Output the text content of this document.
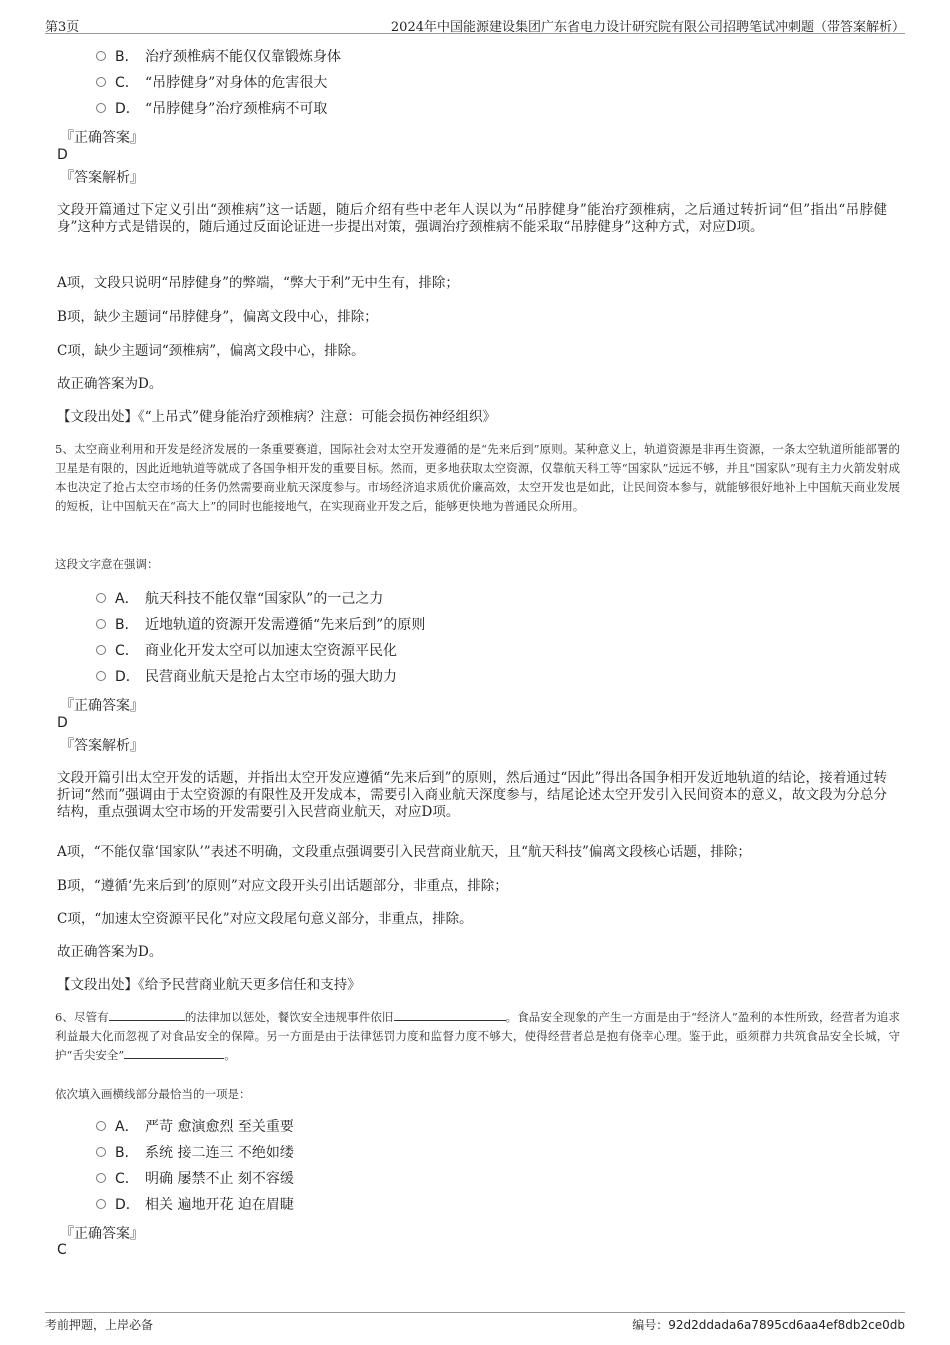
第3页	2024年中国能源建设集团广东省电力设计研究院有限公司招聘笔试冲刺题（带答案解析）
B． 治疗颈椎病不能仅仅靠锻炼身体
C． “吊脖健身”对身体的危害很大
D． “吊脖健身”治疗颈椎病不可取
『正确答案』
D
『答案解析』
文段开篇通过下定义引出“颈椎病”这一话题，随后介绍有些中老年人误以为“吊脖健身”能治疗颈椎病，之后通过转折词“但”指出“吊脖健身”这种方式是错误的，随后通过反面论证进一步提出对策，强调治疗颈椎病不能采取“吊脖健身”这种方式，对应D项。
A项，文段只说明“吊脖健身”的弊端，“弊大于利”无中生有，排除；
B项，缺少主题词“吊脖健身”，偏离文段中心，排除；
C项，缺少主题词“颈椎病”，偏离文段中心，排除。
故正确答案为D。
【文段出处】《“上吊式”健身能治疗颈椎病？注意：可能会损伤神经组织》
5、太空商业利用和开发是经济发展的一条重要赛道，国际社会对太空开发遵循的是“先来后到”原则。某种意义上，轨道资源是非再生资源，一条太空轨道所能部署的卫星是有限的，因此近地轨道等就成了各国争相开发的重要目标。然而，更多地获取太空资源，仅靠航天科工等“国家队”远远不够，并且“国家队”现有主力火箭发射成本也决定了抢占太空市场的任务仍然需要商业航天深度参与。市场经济追求质优价廉高效，太空开发也是如此，让民间资本参与，就能够很好地补上中国航天商业发展的短板，让中国航天在“高大上”的同时也能接地气，在实现商业开发之后，能够更快地为普通民众所用。
这段文字意在强调：
A． 航天科技不能仅靠“国家队”的一己之力
B． 近地轨道的资源开发需遵循“先来后到”的原则
C． 商业化开发太空可以加速太空资源平民化
D． 民营商业航天是抢占太空市场的强大助力
『正确答案』
D
『答案解析』
文段开篇引出太空开发的话题，并指出太空开发应遵循“先来后到”的原则，然后通过“因此”得出各国争相开发近地轨道的结论，接着通过转折词“然而”强调由于太空资源的有限性及开发成本，需要引入商业航天深度参与，结尾论述太空开发引入民间资本的意义，故文段为分总分结构，重点强调太空市场的开发需要引入民营商业航天，对应D项。
A项，“不能仅靠‘国家队’”表述不明确，文段重点强调要引入民营商业航天，且“航天科技”偏离文段核心话题，排除；
B项，“遵循‘先来后到’的原则”对应文段开头引出话题部分，非重点，排除；
C项，“加速太空资源平民化”对应文段尾句意义部分，非重点，排除。
故正确答案为D。
【文段出处】《给予民营商业航天更多信任和支持》
6、尽管有	的法律加以惩处，餐饮安全违规事件依旧	。食品安全现象的产生一方面是由于“经济人”盈利的本性所致，经营者为追求利益最大化而忽视了对食品安全的保障。另一方面是由于法律惩罚力度和监督力度不够大，使得经营者总是抱有侥幸心理。鉴于此，亟须群力共筑食品安全长城，守护“舌尖安全”	。
依次填入画横线部分最恰当的一项是：
A． 严苛 愈演愈烈 至关重要
B． 系统 接二连三 不绝如缕
C． 明确 屡禁不止 刻不容缓
D． 相关 遍地开花 迫在眉睫
『正确答案』
C
考前押题，上岸必备	编号：92d2ddada6a7895cd6aa4ef8db2ce0db
